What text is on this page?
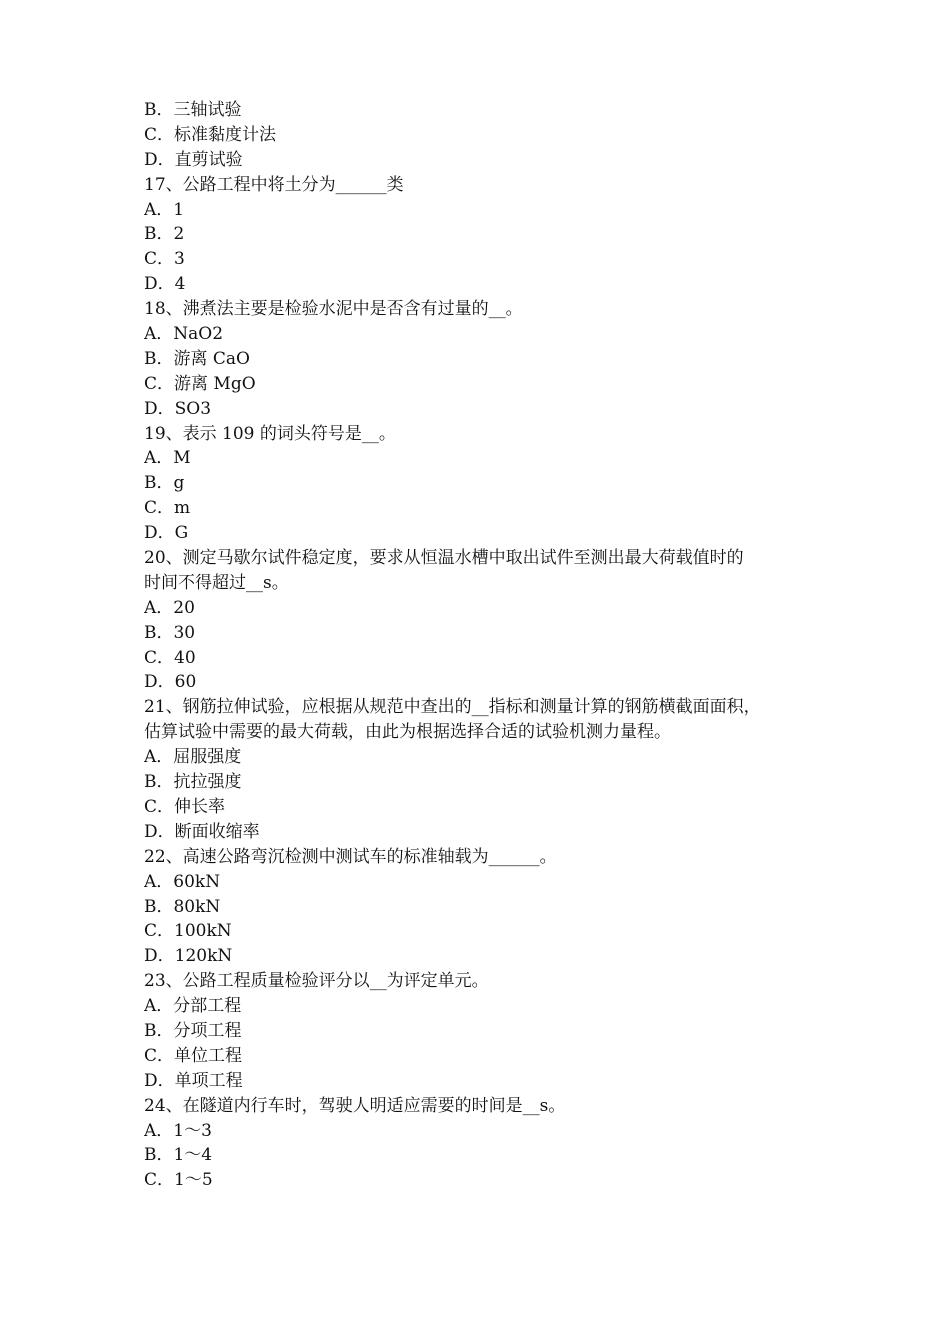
B．三轴试验
C．标准黏度计法
D．直剪试验
17、公路工程中将土分为______类
A．1
B．2
C．3
D．4
18、沸煮法主要是检验水泥中是否含有过量的__。
A．NaO2
B．游离 CaO
C．游离 MgO
D．SO3
19、表示 109 的词头符号是__。
A．M
B．g
C．m
D．G
20、测定马歇尔试件稳定度，要求从恒温水槽中取出试件至测出最大荷载值时的
时间不得超过__s。
A．20
B．30
C．40
D．60
21、钢筋拉伸试验，应根据从规范中查出的__指标和测量计算的钢筋横截面面积，
估算试验中需要的最大荷载，由此为根据选择合适的试验机测力量程。
A．屈服强度
B．抗拉强度
C．伸长率
D．断面收缩率
22、高速公路弯沉检测中测试车的标准轴载为______。
A．60kN
B．80kN
C．100kN
D．120kN
23、公路工程质量检验评分以__为评定单元。
A．分部工程
B．分项工程
C．单位工程
D．单项工程
24、在隧道内行车时，驾驶人明适应需要的时间是__s。
A．1～3
B．1～4
C．1～5
